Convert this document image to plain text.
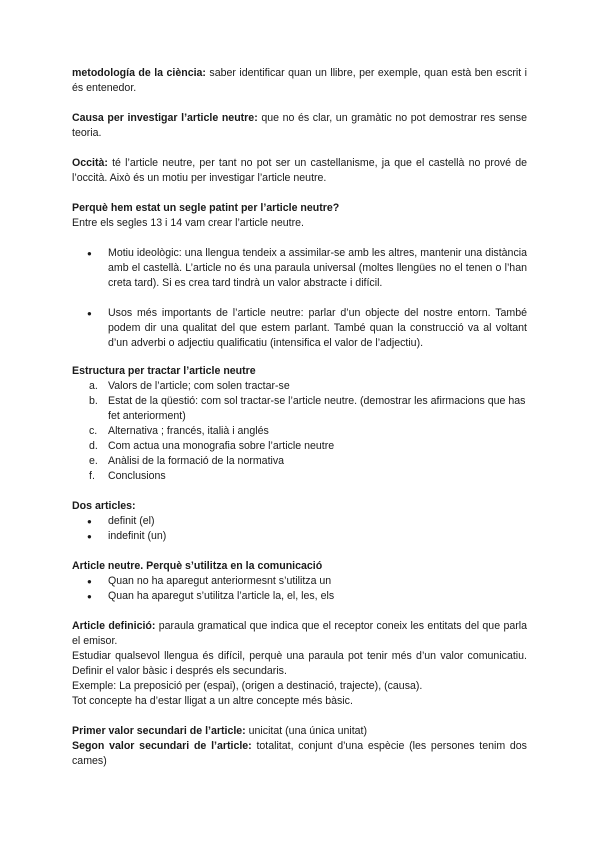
metodología de la ciència: saber identificar quan un llibre, per exemple, quan està ben escrit i és entenedor.

Causa per investigar l’article neutre: que no és clar, un gramàtic no pot demostrar res sense teoria.

Occità: té l’article neutre, per tant no pot ser un castellanisme, ja que el castellà no prové de l’occità. Això és un motiu per investigar l’article neutre.

Perquè hem estat un segle patint per l’article neutre?

Entre els segles 13 i 14 vam crear l’article neutre.

● Motiu ideològic: una llengua tendeix a assimilar-se amb les altres, mantenir una distància amb el castellà. L’article no és una paraula universal (moltes llengües no el tenen o l’han creta tard). Si es crea tard tindrà un valor abstracte i difícil.
● Usos més importants de l’article neutre: parlar d’un objecte del nostre entorn. També podem dir una qualitat del que estem parlant. També quan la construcció va al voltant d’un adverbi o adjectiu qualificatiu (intensifica el valor de l’adjectiu).

Estructura per tractar l’article neutre

a. Valors de l’article; com solen tractar-se
b. Estat de la qüestió: com sol tractar-se l’article neutre. (demostrar les afirmacions que has fet anteriorment)
c. Alternativa ; francés, italià i anglés
d. Com actua una monografia sobre l’article neutre
e. Anàlisi de la formació de la normativa
f. Conclusions

Dos articles:

● definit (el)
● indefinit (un)

Article neutre. Perquè s’utilitza en la comunicació

● Quan no ha aparegut anteriormesnt s’utilitza un
● Quan ha aparegut s’utilitza l’article la, el, les, els

Article definició: paraula gramatical que indica que el receptor coneix les entitats del que parla el emisor.

Estudiar qualsevol llengua és difícil, perquè una paraula pot tenir més d’un valor comunicatiu. Definir el valor bàsic i després els secundaris.

Exemple: La preposició per (espai), (origen a destinació, trajecte), (causa).

Tot concepte ha d’estar lligat a un altre concepte més bàsic.

Primer valor secundari de l’article: unicitat (una única unitat)

Segon valor secundari de l’article: totalitat, conjunt d’una espècie (les persones tenim dos cames)
